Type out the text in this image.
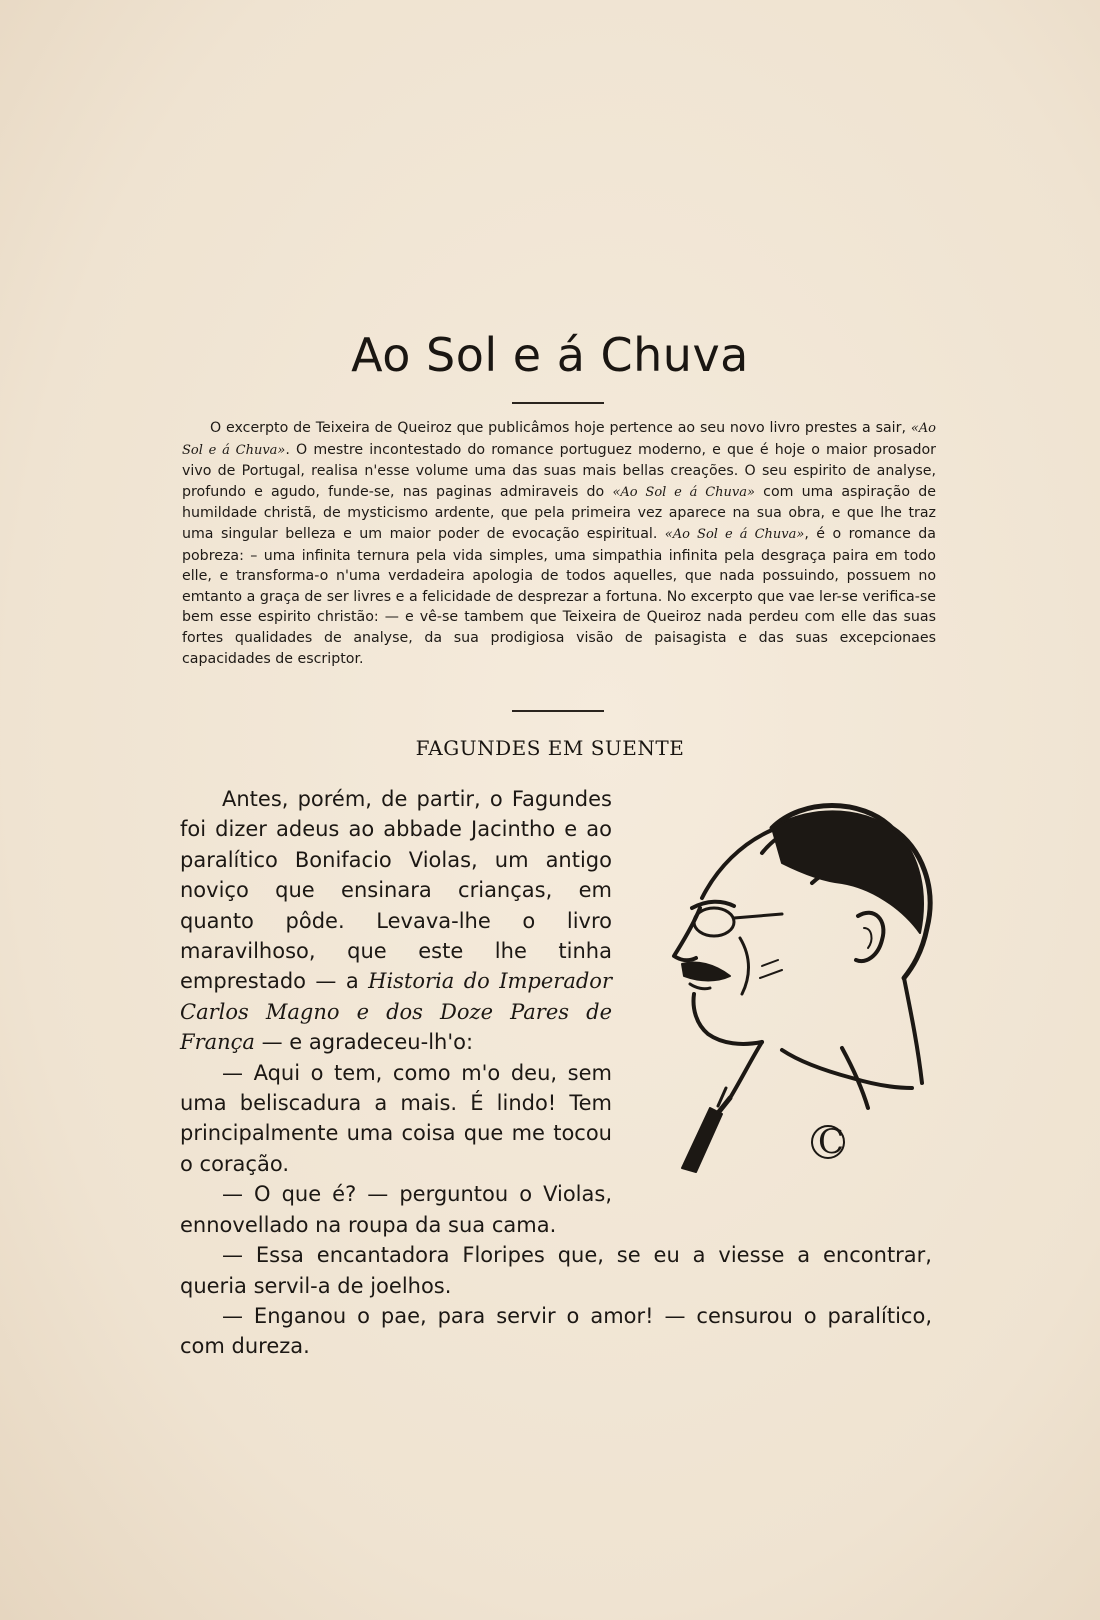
Ao Sol e á Chuva
O excerpto de Teixeira de Queiroz que publicâmos hoje pertence ao seu novo livro prestes a sair, «Ao Sol e á Chuva». O mestre incontestado do romance portuguez moderno, e que é hoje o maior prosador vivo de Portugal, realisa n'esse volume uma das suas mais bellas creações. O seu espirito de analyse, profundo e agudo, funde-se, nas paginas admiraveis do «Ao Sol e á Chuva» com uma aspiração de humildade christã, de mysticismo ardente, que pela primeira vez aparece na sua obra, e que lhe traz uma singular belleza e um maior poder de evocação espiritual. «Ao Sol e á Chuva», é o romance da pobreza: – uma infinita ternura pela vida simples, uma simpathia infinita pela desgraça paira em todo elle, e transforma-o n'uma verdadeira apologia de todos aquelles, que nada possuindo, possuem no emtanto a graça de ser livres e a felicidade de desprezar a fortuna. No excerpto que vae ler-se verifica-se bem esse espirito christão: — e vê-se tambem que Teixeira de Queiroz nada perdeu com elle das suas fortes qualidades de analyse, da sua prodigiosa visão de paisagista e das suas excepcionaes capacidades de escriptor.
FAGUNDES EM SUENTE
C

Antes, porém, de partir, o Fagundes foi dizer adeus ao abbade Jacintho e ao paralítico Bonifacio Violas, um antigo noviço que ensinara crianças, em quanto pôde. Levava-lhe o livro maravilhoso, que este lhe tinha emprestado — a Historia do Imperador Carlos Magno e dos Doze Pares de França — e agradeceu-lh'o:

— Aqui o tem, como m'o deu, sem uma beliscadura a mais. É lindo! Tem principalmente uma coisa que me tocou o coração.

— O que é? — perguntou o Violas, ennovellado na roupa da sua cama.

— Essa encantadora Floripes que, se eu a viesse a encontrar, queria servil-a de joelhos.

— Enganou o pae, para servir o amor! — censurou o paralítico, com dureza.
